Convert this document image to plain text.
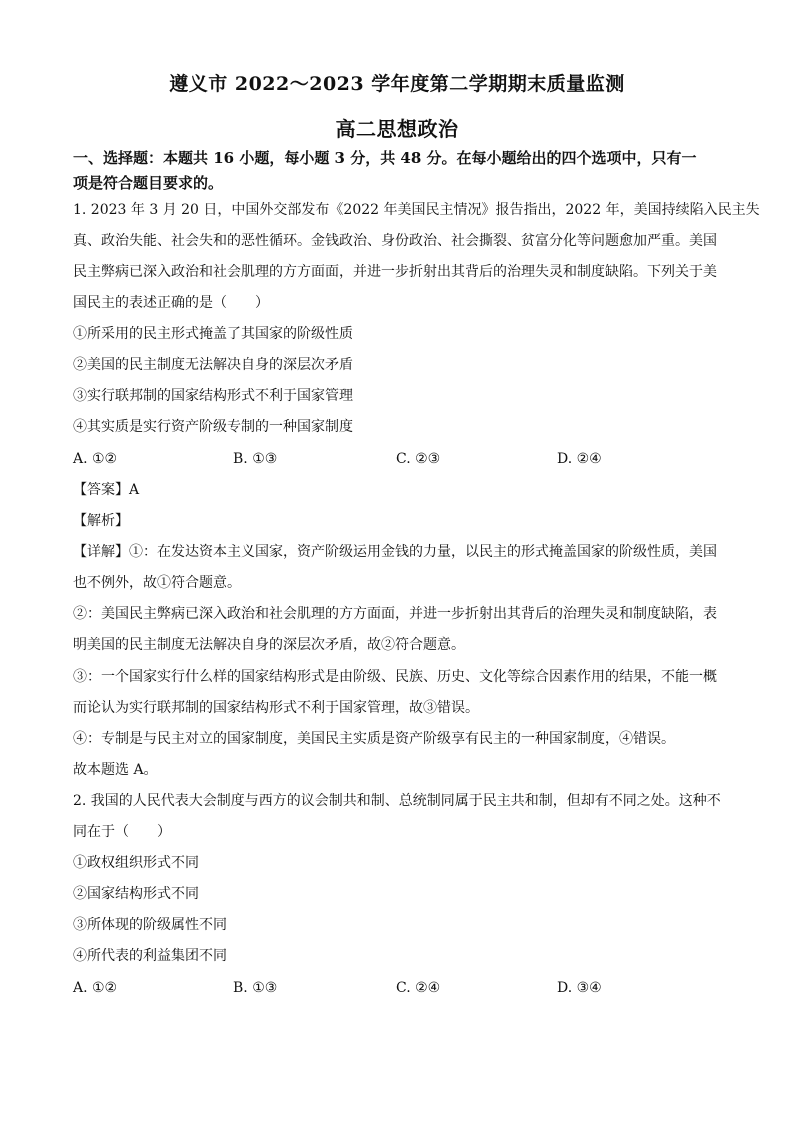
遵义市 2022～2023 学年度第二学期期末质量监测
高二思想政治
一、选择题：本题共 16 小题，每小题 3 分，共 48 分。在每小题给出的四个选项中，只有一
项是符合题目要求的。
1. 2023 年 3 月 20 日，中国外交部发布《2022 年美国民主情况》报告指出，2022 年，美国持续陷入民主失
真、政治失能、社会失和的恶性循环。金钱政治、身份政治、社会撕裂、贫富分化等问题愈加严重。美国
民主弊病已深入政治和社会肌理的方方面面，并进一步折射出其背后的治理失灵和制度缺陷。下列关于美
国民主的表述正确的是（　　）
①所采用的民主形式掩盖了其国家的阶级性质
②美国的民主制度无法解决自身的深层次矛盾
③实行联邦制的国家结构形式不利于国家管理
④其实质是实行资产阶级专制的一种国家制度
A. ①②	B. ①③	C. ②③	D. ②④
【答案】A
【解析】
【详解】①：在发达资本主义国家，资产阶级运用金钱的力量，以民主的形式掩盖国家的阶级性质，美国
也不例外，故①符合题意。
②：美国民主弊病已深入政治和社会肌理的方方面面，并进一步折射出其背后的治理失灵和制度缺陷，表
明美国的民主制度无法解决自身的深层次矛盾，故②符合题意。
③：一个国家实行什么样的国家结构形式是由阶级、民族、历史、文化等综合因素作用的结果，不能一概
而论认为实行联邦制的国家结构形式不利于国家管理，故③错误。
④：专制是与民主对立的国家制度，美国民主实质是资产阶级享有民主的一种国家制度，④错误。
故本题选 A。
2. 我国的人民代表大会制度与西方的议会制共和制、总统制同属于民主共和制，但却有不同之处。这种不
同在于（　　）
①政权组织形式不同
②国家结构形式不同
③所体现的阶级属性不同
④所代表的利益集团不同
A. ①②	B. ①③	C. ②④	D. ③④
